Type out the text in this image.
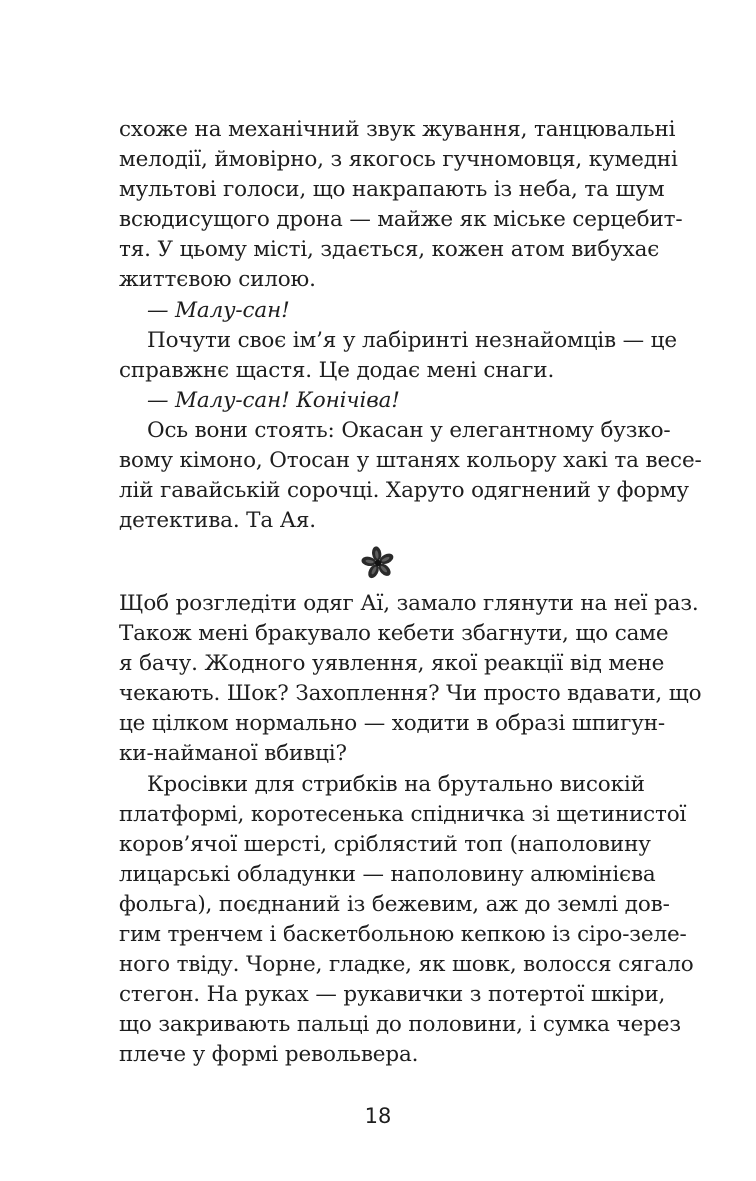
схоже на механічний звук жування, танцювальні
мелодії, ймовірно, з якогось гучномовця, кумедні
мультові голоси, що накрапають із неба, та шум
всюдисущого дрона — майже як міське серцебит-
тя. У цьому місті, здається, кожен атом вибухає
життєвою силою.
— Малу-сан!
Почути своє ім’я у лабіринті незнайомців — це
справжнє щастя. Це додає мені снаги.
— Малу-сан! Конічіва!
Ось вони стоять: Окасан у елегантному бузко-
вому кімоно, Отосан у штанях кольору хакі та весе-
лій гавайській сорочці. Харуто одягнений у форму
детектива. Та Ая.
Щоб розгледіти одяг Аї, замало глянути на неї раз.
Також мені бракувало кебети збагнути, що саме
я бачу. Жодного уявлення, якої реакції від мене
чекають. Шок? Захоплення? Чи просто вдавати, що
це цілком нормально — ходити в образі шпигун-
ки-найманої вбивці?
Кросівки для стрибків на брутально високій
платформі, коротесенька спідничка зі щетинистої
коров’ячої шерсті, сріблястий топ (наполовину
лицарські обладунки — наполовину алюмінієва
фольга), поєднаний із бежевим, аж до землі дов-
гим тренчем і баскетбольною кепкою із сіро-зеле-
ного твіду. Чорне, гладке, як шовк, волосся сягало
стегон. На руках — рукавички з потертої шкіри,
що закривають пальці до половини, і сумка через
плече у формі револьвера.
18
